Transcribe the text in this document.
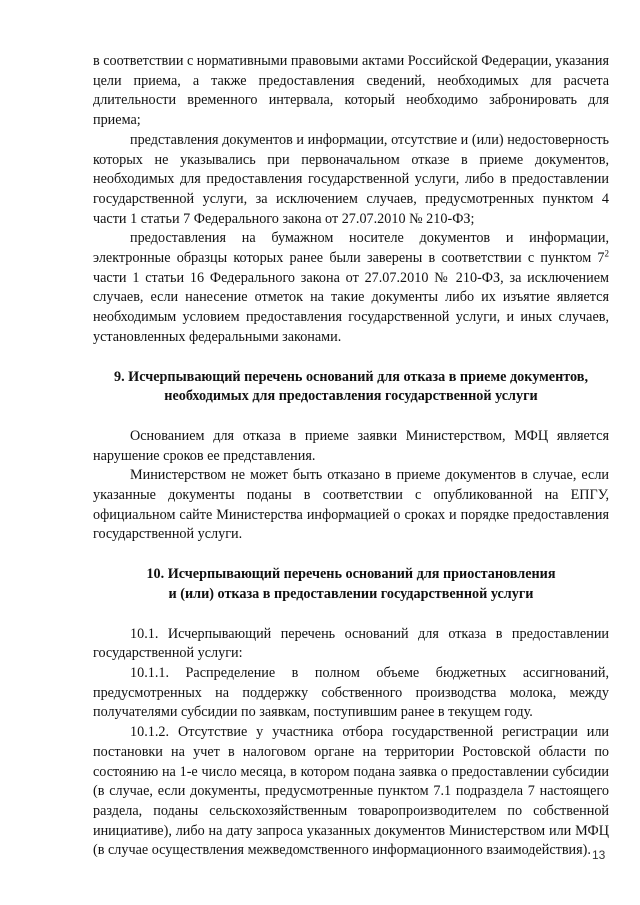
в соответствии с нормативными правовыми актами Российской Федерации, указания цели приема, а также предоставления сведений, необходимых для расчета длительности временного интервала, который необходимо забронировать для приема;

представления документов и информации, отсутствие и (или) недостоверность которых не указывались при первоначальном отказе в приеме документов, необходимых для предоставления государственной услуги, либо в предоставлении государственной услуги, за исключением случаев, предусмотренных пунктом 4 части 1 статьи 7 Федерального закона от 27.07.2010 № 210-ФЗ;

предоставления на бумажном носителе документов и информации, электронные образцы которых ранее были заверены в соответствии с пунктом $7^2$ части 1 статьи 16 Федерального закона от 27.07.2010 № 210-ФЗ, за исключением случаев, если нанесение отметок на такие документы либо их изъятие является необходимым условием предоставления государственной услуги, и иных случаев, установленных федеральными законами.

9. Исчерпывающий перечень оснований для отказа в приеме документов, необходимых для предоставления государственной услуги

Основанием для отказа в приеме заявки Министерством, МФЦ является нарушение сроков ее представления.

Министерством не может быть отказано в приеме документов в случае, если указанные документы поданы в соответствии с опубликованной на ЕПГУ, официальном сайте Министерства информацией о сроках и порядке предоставления государственной услуги.

10. Исчерпывающий перечень оснований для приостановления

и (или) отказа в предоставлении государственной услуги

10.1. Исчерпывающий перечень оснований для отказа в предоставлении государственной услуги:

10.1.1. Распределение в полном объеме бюджетных ассигнований, предусмотренных на поддержку собственного производства молока, между получателями субсидии по заявкам, поступившим ранее в текущем году.

10.1.2. Отсутствие у участника отбора государственной регистрации или постановки на учет в налоговом органе на территории Ростовской области по состоянию на 1-е число месяца, в котором подана заявка о предоставлении субсидии (в случае, если документы, предусмотренные пунктом 7.1 подраздела 7 настоящего раздела, поданы сельскохозяйственным товаропроизводителем по собственной инициативе), либо на дату запроса указанных документов Министерством или МФЦ (в случае осуществления межведомственного информационного взаимодействия). 13
